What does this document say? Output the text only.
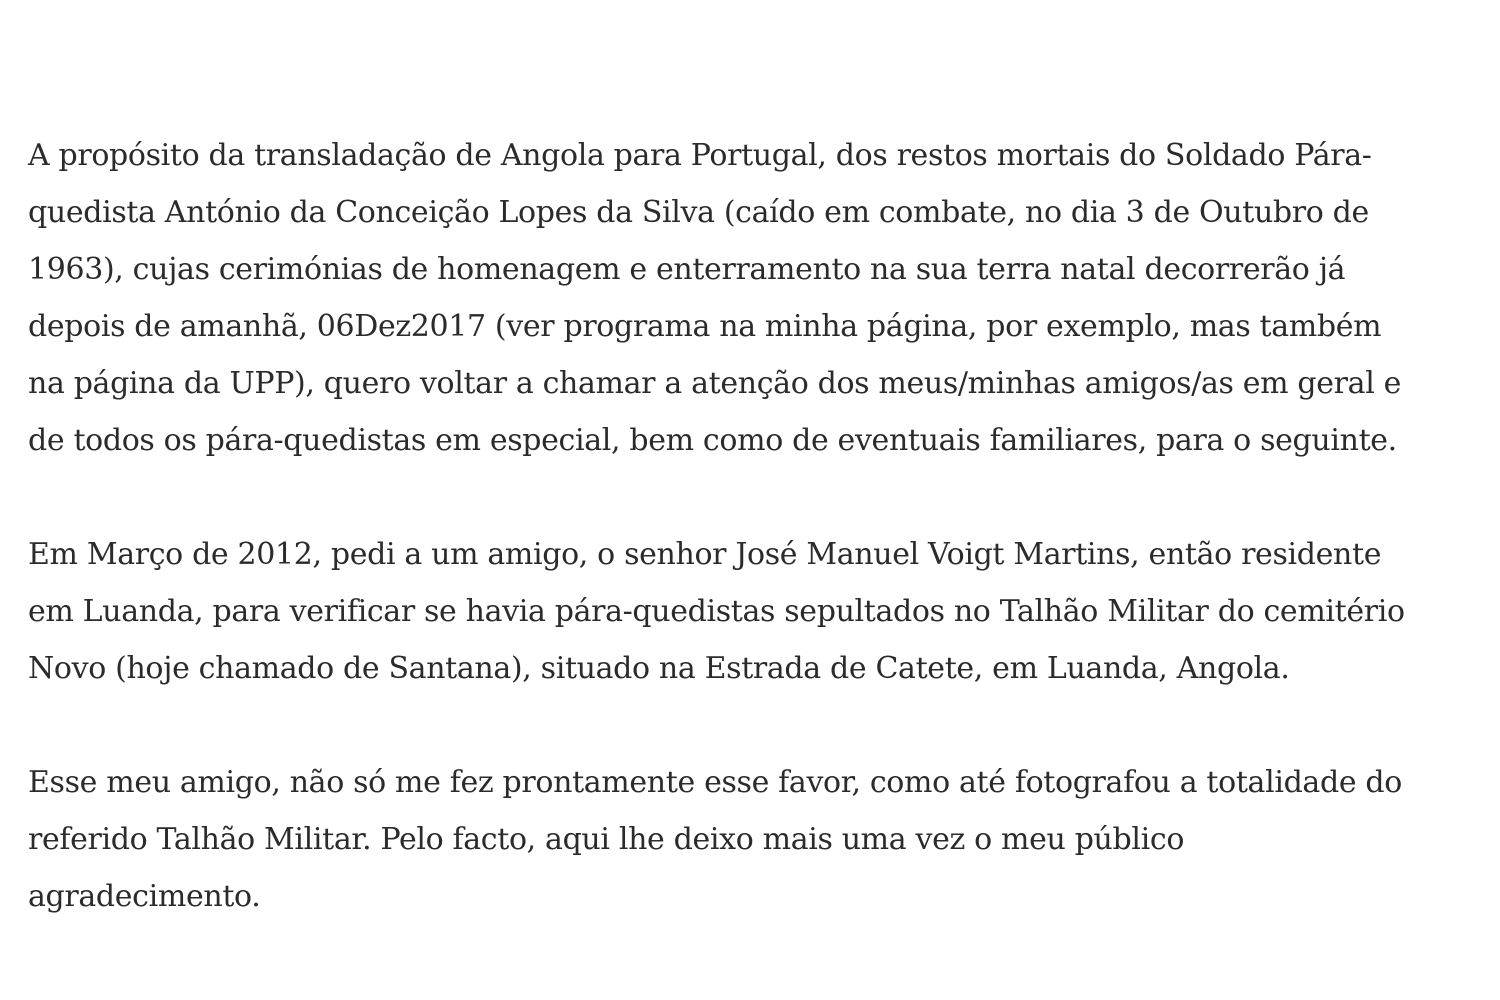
A propósito da transladação de Angola para Portugal, dos restos mortais do Soldado Pára-
quedista António da Conceição Lopes da Silva (caído em combate, no dia 3 de Outubro de
1963), cujas cerimónias de homenagem e enterramento na sua terra natal decorrerão já
depois de amanhã, 06Dez2017 (ver programa na minha página, por exemplo, mas também
na página da UPP), quero voltar a chamar a atenção dos meus/minhas amigos/as em geral e
de todos os pára-quedistas em especial, bem como de eventuais familiares, para o seguinte.

Em Março de 2012, pedi a um amigo, o senhor José Manuel Voigt Martins, então residente
em Luanda, para verificar se havia pára-quedistas sepultados no Talhão Militar do cemitério
Novo (hoje chamado de Santana), situado na Estrada de Catete, em Luanda, Angola.

Esse meu amigo, não só me fez prontamente esse favor, como até fotografou a totalidade do
referido Talhão Militar. Pelo facto, aqui lhe deixo mais uma vez o meu público
agradecimento.
